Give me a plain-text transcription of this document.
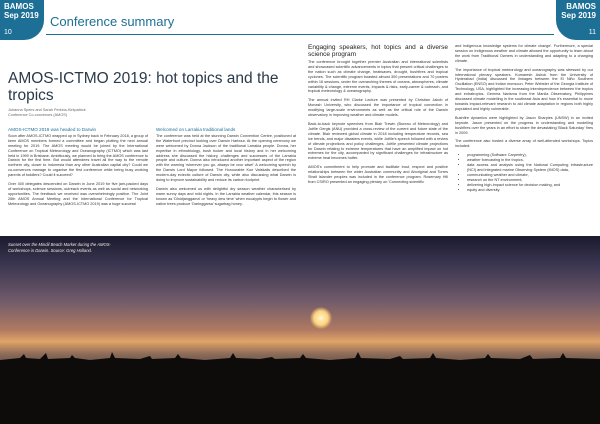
BAMOS
Sep 2019
10
BAMOS
Sep 2019
11
Conference summary
AMOS-ICTMO 2019: hot topics and the tropics
Johanna Speirs and Sarah Perkins-Kirkpatrick
Conference Co-convenors (AMOS)
AMOS-ICTMO 2019 was headed to Darwin

Soon after AMOS-ICTMO wrapped up in Sydney back in February 2018, a group of keen AMOS members formed a committee and began plotting the next annual meeting for 2019. The AMOS meeting would be joined by the International Conference on Tropical Meteorology and Oceanography (ICTMO) which was last held in 1999 in Brisbane. Ambitiously, we planned to bring the AMOS conference to Darwin for the first time. But would attendees travel all the way to the remote northern city, closer to Indonesia than any other Australian capital city? Could we co-convenors manage to organise the first conference while being busy working parents of toddlers? Could it succeed?

Over 400 delegates descended on Darwin in June 2019 for five jam-packed days of workshops, science sessions, outreach events as well as social and networking opportunities. The feedback we received was overwhelmingly positive. The Joint 26th AMOS Annual Meeting and the International Conference for Tropical Meteorology and Oceanography (AMOS-ICTMO 2019) was a huge success!

Welcomed on Larrakia traditional lands

The conference was held at the stunning Darwin Convention Centre, positioned at the Waterfront precinct looking over Darwin Harbour. At the opening ceremony we were welcomed by Donna Jackson of the traditional Larrakia people. Donna, her expertise in ethnobiology, bush tucker and local history and in her welcoming address she discussed the history, challenges and successes of the Larrakia people and culture. Donna also introduced another important aspect of the region with the warning 'wherever you go, always be croc wise!' A welcoming speech by the Darwin Lord Mayor followed. The Honourable Kon Vatskalis described the modern-day eclectic culture of Darwin city, while also discussing what Darwin is doing to improve sustainability and reduce its carbon footprint.

Darwin also welcomed us with delightful dry season weather characterised by warm sunny days and mild nights. In the Larrakia weather calendar, this season is known as 'Dinidjanggama' or 'heavy dew time' when eucalypts begin to flower and native trees produce 'Darlnggarsa' sugarbag honey.

Engaging speakers, hot topics and a diverse science program

The conference brought together premier Australian and international scientists and showcased scientific advancements in topics that present critical challenges to the nation such as climate change, heatwaves, drought, bushfires and tropical cyclones. The scientific program boasted almost 300 presentations and 70 posters within 16 sessions, under the overarching themes of oceans, atmospheres, climate variability & change, extreme events, impacts & risks, early-career & outreach, and tropical meteorology & oceanography.

The annual invited RH Clarke Lecture was presented by Christian Jakob of Monash University, who discussed the importance of tropical convection in modifying large-scale environments as well as the critical role of the Darwin observatory in improving weather and climate models.

Back-to-back keynote speeches from Blair Trewin (Bureau of Meteorology) and Joëlle Gergis (ANU) provided a cross-review of the current and future state of the climate. Blair reviewed global climate in 2018 including temperature records, sea ice trends, and major disasters events, while Joëlle's speech followed with a review of climate projections and policy challenges. Joëlle presented climate projections for Darwin relating to extreme temperatures that have an amplified impact on hot extremes for the city, accompanied by significant challenges for infrastructure as extreme heat becomes hotter.

AMOS's commitment to help promote and facilitate trust, respect and positive relationships between the wider Australian community and Aboriginal and Torres Strait Islander peoples was included in the conference program. Rosemary Hill from CSIRO presented an engaging plenary on 'Connecting scientific

and Indigenous knowledge systems for climate change'. Furthermore, a special session on Indigenous weather and climate allowed the opportunity to learn about the work from Traditional Owners in understanding and adapting to a changing climate.

The importance of tropical meteorology and oceanography was stressed by our international plenary speakers. Kumaresh Ashok from the University of Hyderabad (India) discussed the linkages between the El Niño Southern Oscillation (ENSO) and Indian monsoon. Peter Webster of the Georgia Institute of Technology, USA, highlighted the increasing interdependence between the tropics and extratropics. Gemma Narisma from the Manila Observatory, Philippines discussed climate modelling in the southeast Asia and how it's essential to move towards impact-relevant research to aid climate adaptation in regions both highly populated and highly vulnerable.

Bushfire dynamics were highlighted by Jason Sharples (UNSW) in an invited keynote. Jason presented on the progress in understanding and modelling bushfires over the years in an effort to share the devastating 'Black Saturday' fires in 2009.

The conference also hosted a diverse array of well-attended workshops. Topics included:

• programming (Software Carpentry),
• weather forecasting in the tropics,
• data access and analysis using the National Computing Infrastructure (NCI) and integrated marine Observing System (IMOS) data,
• communicating weather and climate,
• research on the NT environment,
• delivering high-impact science for decision making, and
• equity and diversity.
Sunset over the Mindil Beach Market during the AMOS-
Conference in Darwin. Source: Greg Holland.
